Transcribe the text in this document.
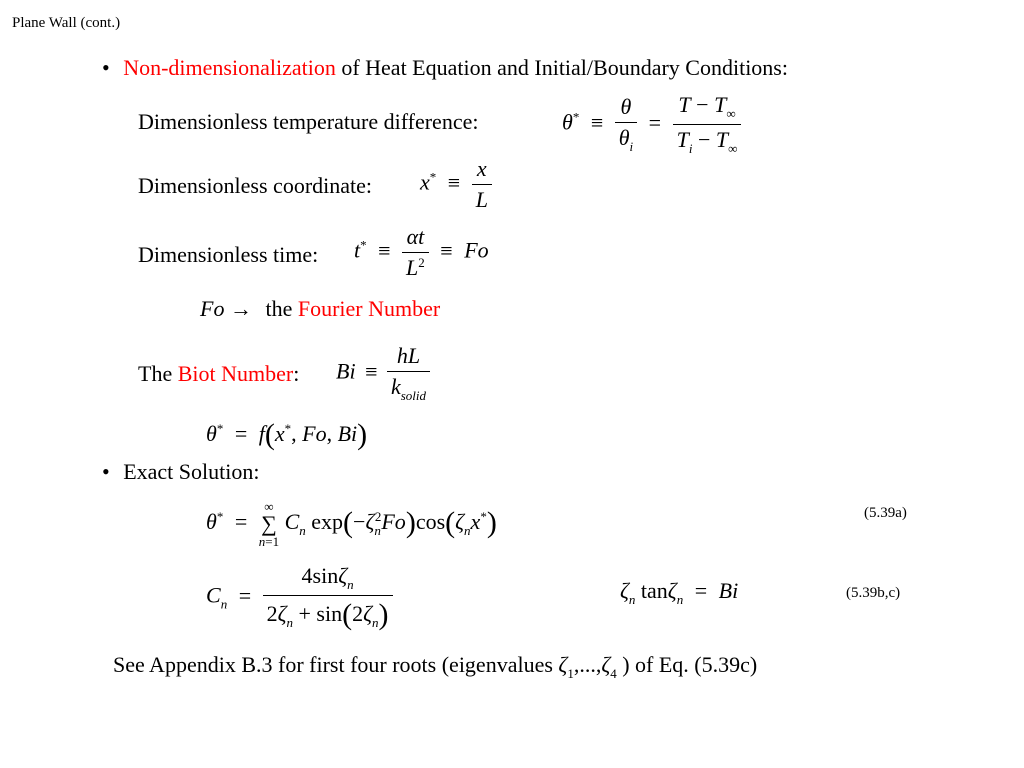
Plane Wall (cont.)
• Non-dimensionalization of Heat Equation and Initial/Boundary Conditions:
Dimensionless temperature difference:	$\theta^* \equiv \frac{\theta}{\theta_i} = \frac{T - T_\infty}{T_i - T_\infty}$
Dimensionless coordinate: $x^* \equiv \frac{x}{L}$
Dimensionless time: $t^* \equiv \frac{\alpha t}{L^2} \equiv Fo$
Fo → the Fourier Number
The Biot Number: $Bi \equiv \frac{hL}{k_{solid}}$
θ* = f(x*, Fo, Bi)
• Exact Solution:
θ* =
∞
∑
n=1
$C_n$ $\exp(-\zeta_n^2Fo)\cos(\zeta_nx^*)$	(5.39a)
$C_n = \frac{4\sin\zeta_n}{2\zeta_n + \sin(2\zeta_n)}$	$\zeta_n$ tanζ$_n$ = Bi	(5.39b,c)
See Appendix B.3 for first four roots (eigenvalues $\zeta_1,...,\zeta_4$ ) of Eq. (5.39c)
